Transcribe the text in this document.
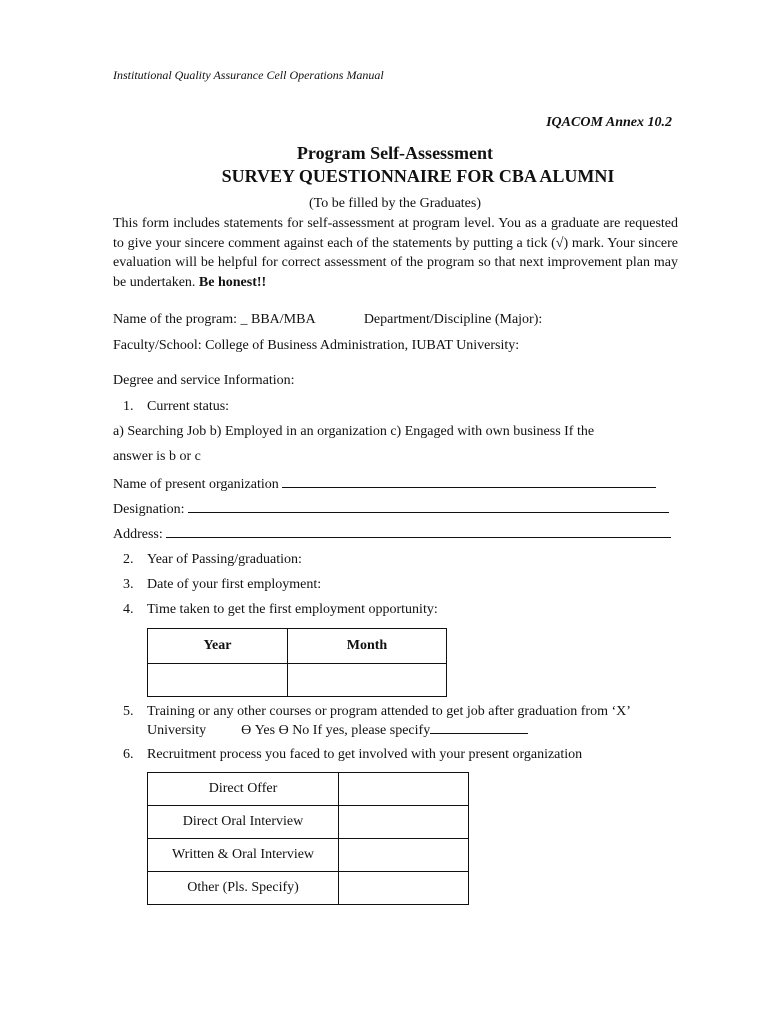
Institutional Quality Assurance Cell Operations Manual
IQACOM Annex 10.2
Program Self-Assessment
SURVEY QUESTIONNAIRE FOR CBA ALUMNI
(To be filled by the Graduates)
This form includes statements for self-assessment at program level. You as a graduate are requested to give your sincere comment against each of the statements by putting a tick (√) mark. Your sincere evaluation will be helpful for correct assessment of the program so that next improvement plan may be undertaken. Be honest!!
Name of the program: _ BBA/MBA	Department/Discipline (Major):
Faculty/School: College of Business Administration, IUBAT University:
Degree and service Information:
1. Current status:
a) Searching Job b) Employed in an organization c) Engaged with own business If the
answer is b or c
Name of present organization
Designation:
Address:
2. Year of Passing/graduation:
3. Date of your first employment:
4. Time taken to get the first employment opportunity:
Year	Month

5. Training or any other courses or program attended to get job after graduation from ‘X’
University          ϴ Yes ϴ No If yes, please specify
6. Recruitment process you faced to get involved with your present organization
Direct Offer	
Direct Oral Interview	
Written & Oral Interview	
Other (Pls. Specify)	
